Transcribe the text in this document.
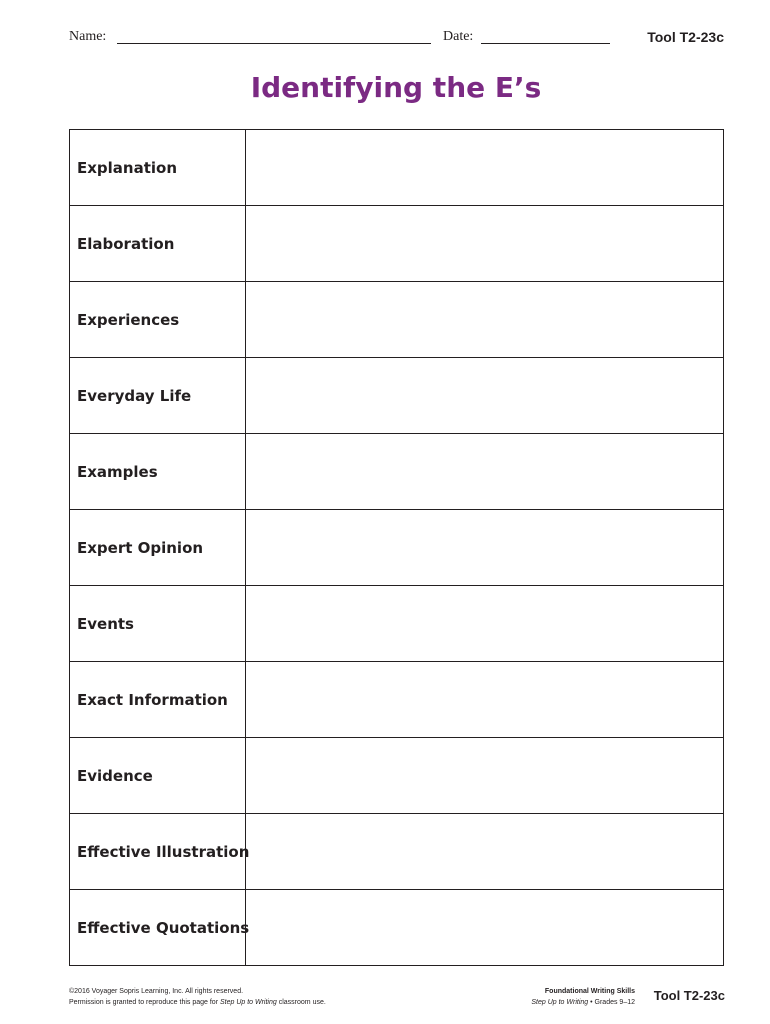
Name:	Date:	Tool T2-23c
Identifying the E’s
Explanation
Elaboration
Experiences
Everyday Life
Examples
Expert Opinion
Events
Exact Information
Evidence
Effective Illustration
Effective Quotations
©2016 Voyager Sopris Learning, Inc. All rights reserved.
Permission is granted to reproduce this page for Step Up to Writing classroom use.
Foundational Writing Skills
Step Up to Writing • Grades 9–12 Tool T2-23c
